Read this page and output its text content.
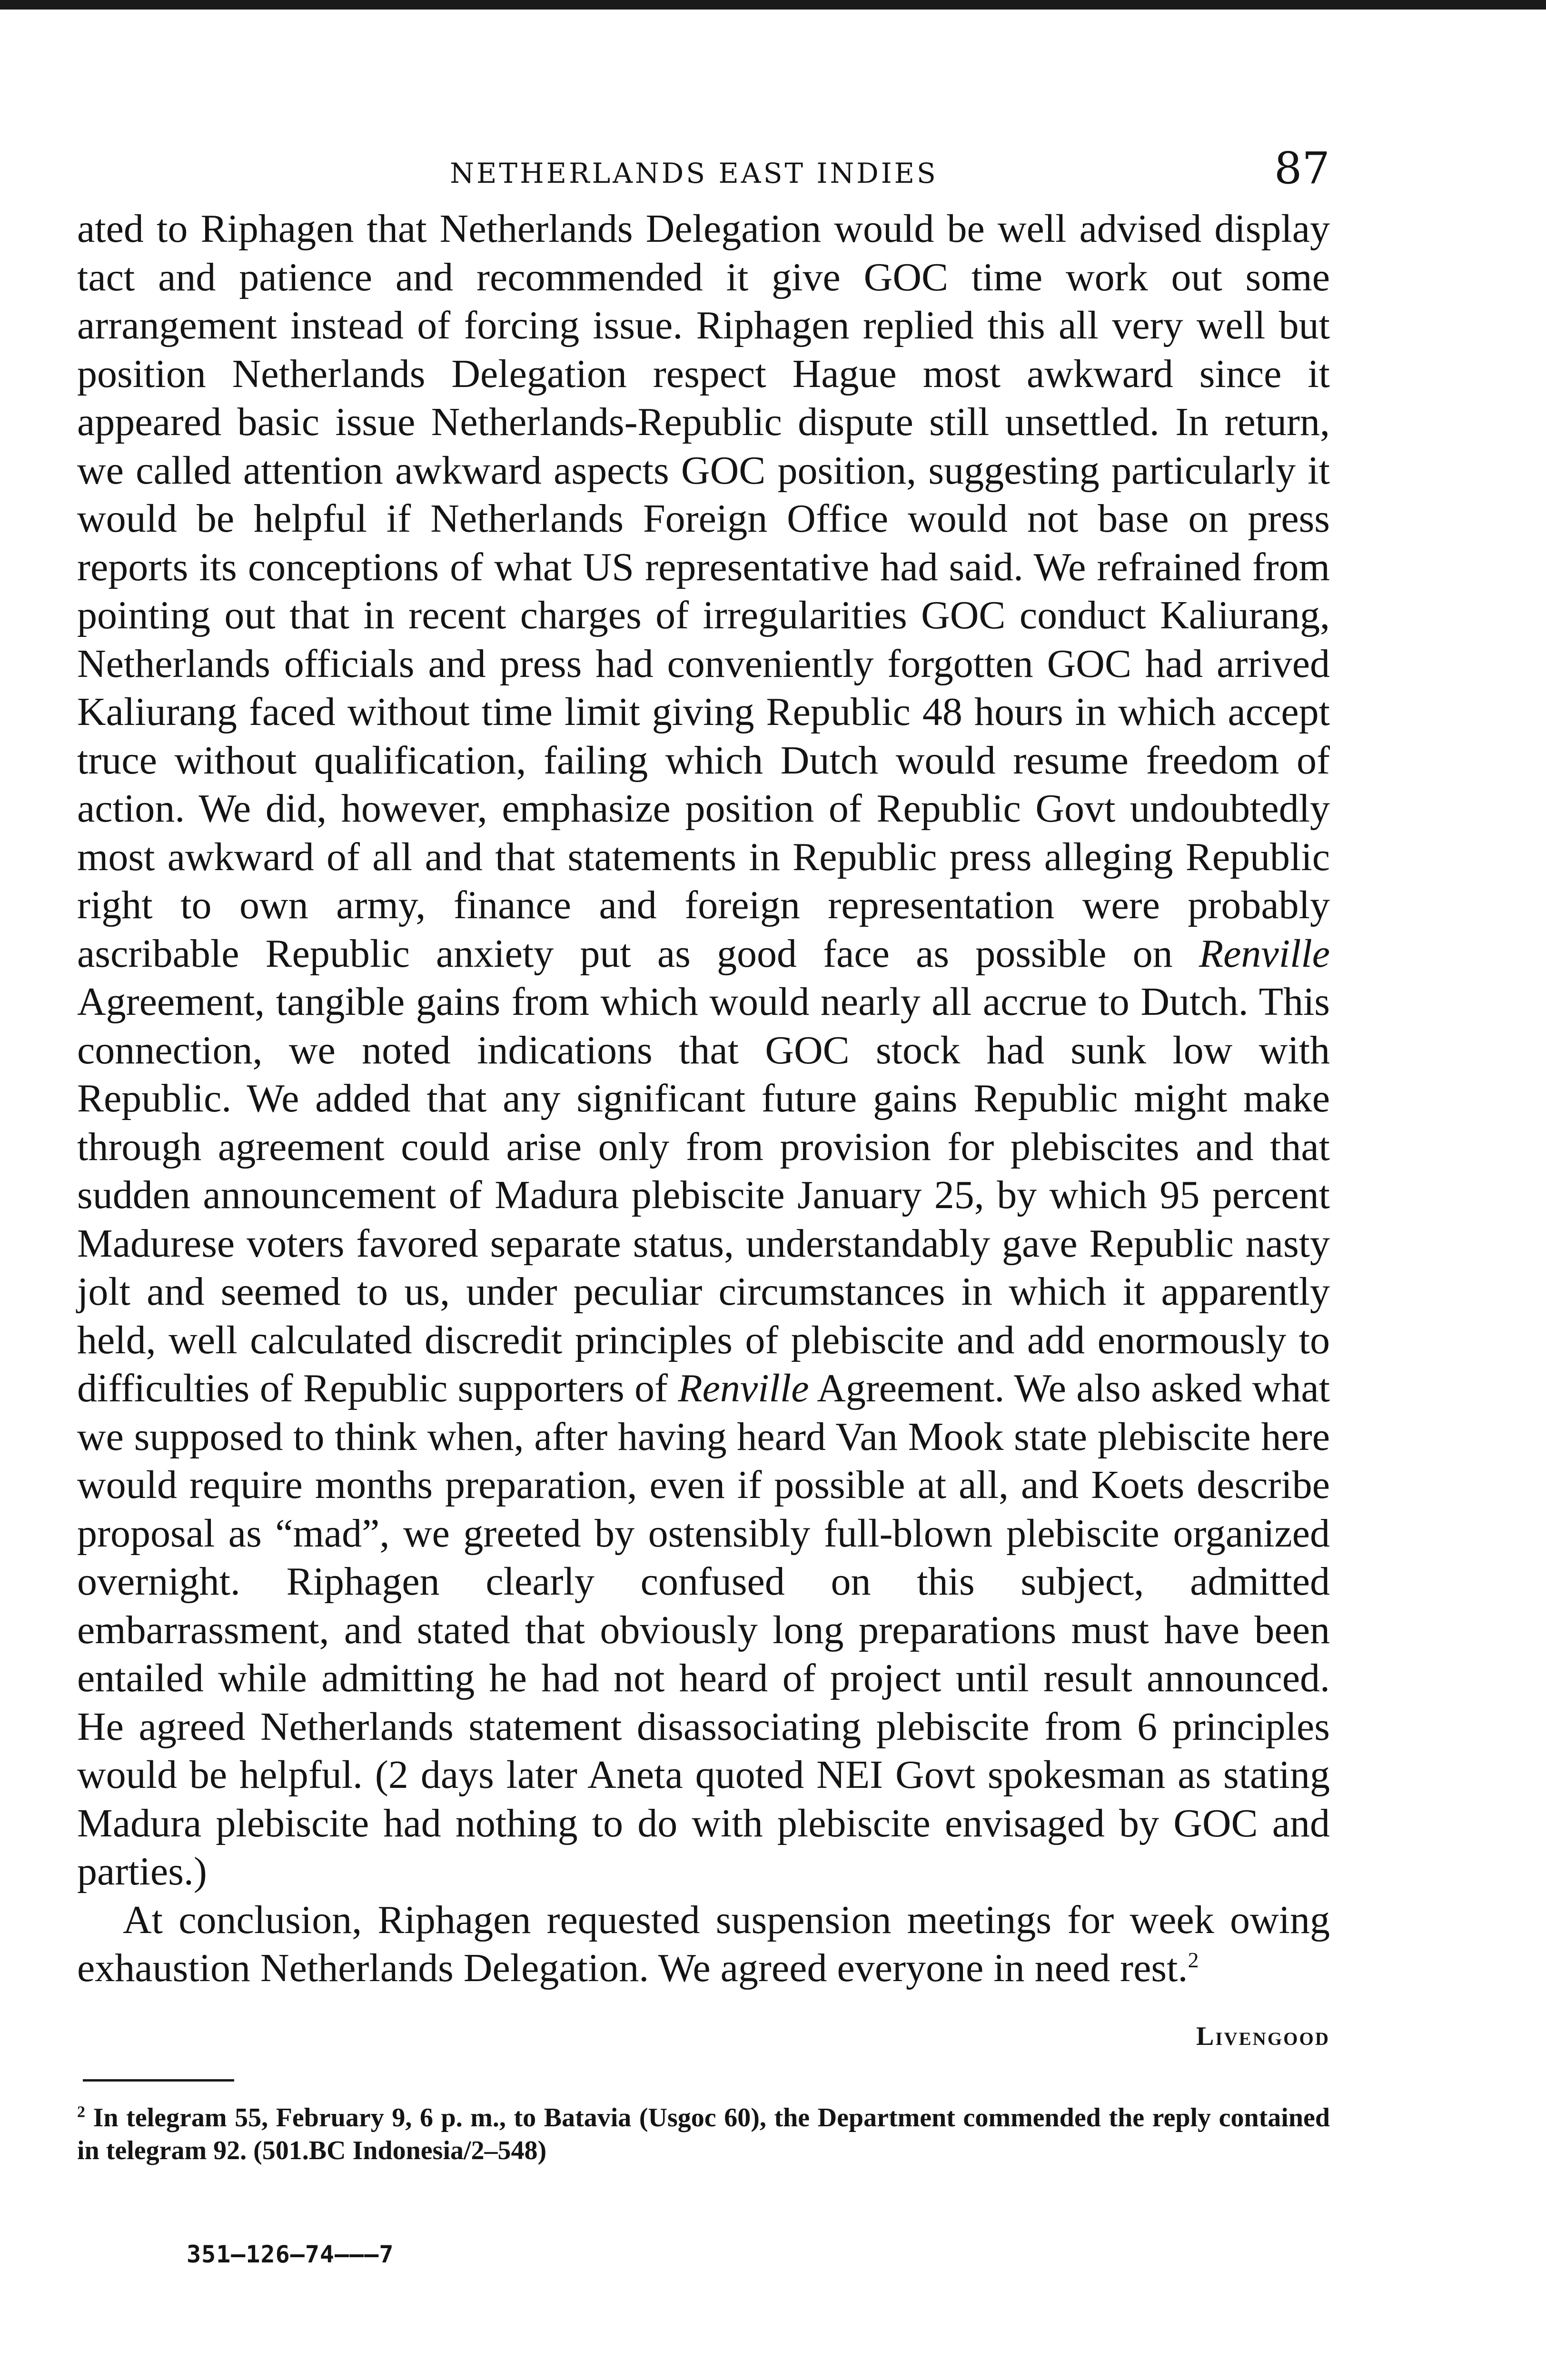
NETHERLANDS EAST INDIES	87

ated to Riphagen that Netherlands Delegation would be well advised display tact and patience and recommended it give GOC time work out some arrangement instead of forcing issue. Riphagen replied this all very well but position Netherlands Delegation respect Hague most awkward since it appeared basic issue Netherlands-Republic dispute still unsettled. In return, we called attention awkward aspects GOC position, suggesting particularly it would be helpful if Netherlands Foreign Office would not base on press reports its conceptions of what US representative had said. We refrained from pointing out that in recent charges of irregularities GOC conduct Kaliurang, Netherlands officials and press had conveniently forgotten GOC had arrived Kaliurang faced without time limit giving Republic 48 hours in which accept truce without qualification, failing which Dutch would resume freedom of action. We did, however, emphasize position of Republic Govt undoubtedly most awkward of all and that statements in Republic press alleging Republic right to own army, finance and foreign representation were probably ascribable Republic anxiety put as good face as possible on Renville Agreement, tangible gains from which would nearly all accrue to Dutch. This connection, we noted indications that GOC stock had sunk low with Republic. We added that any significant future gains Republic might make through agreement could arise only from provision for plebiscites and that sudden announcement of Madura plebiscite January 25, by which 95 percent Madurese voters favored separate status, understandably gave Republic nasty jolt and seemed to us, under peculiar circumstances in which it apparently held, well calculated discredit principles of plebiscite and add enormously to difficulties of Republic supporters of Renville Agreement. We also asked what we supposed to think when, after having heard Van Mook state plebiscite here would require months preparation, even if possible at all, and Koets describe proposal as “mad”, we greeted by ostensibly full-blown plebiscite organized overnight. Riphagen clearly confused on this subject, admitted embarrassment, and stated that obviously long preparations must have been entailed while admitting he had not heard of project until result announced. He agreed Netherlands statement disassociating plebiscite from 6 principles would be helpful. (2 days later Aneta quoted NEI Govt spokesman as stating Madura plebiscite had nothing to do with plebiscite envisaged by GOC and parties.)

At conclusion, Riphagen requested suspension meetings for week owing exhaustion Netherlands Delegation. We agreed everyone in need rest.$^2$

Livengood

$^2$ In telegram 55, February 9, 6 p. m., to Batavia (Usgoc 60), the Department commended the reply contained in telegram 92. (501.BC Indonesia/2–548)

351–126—74———7
